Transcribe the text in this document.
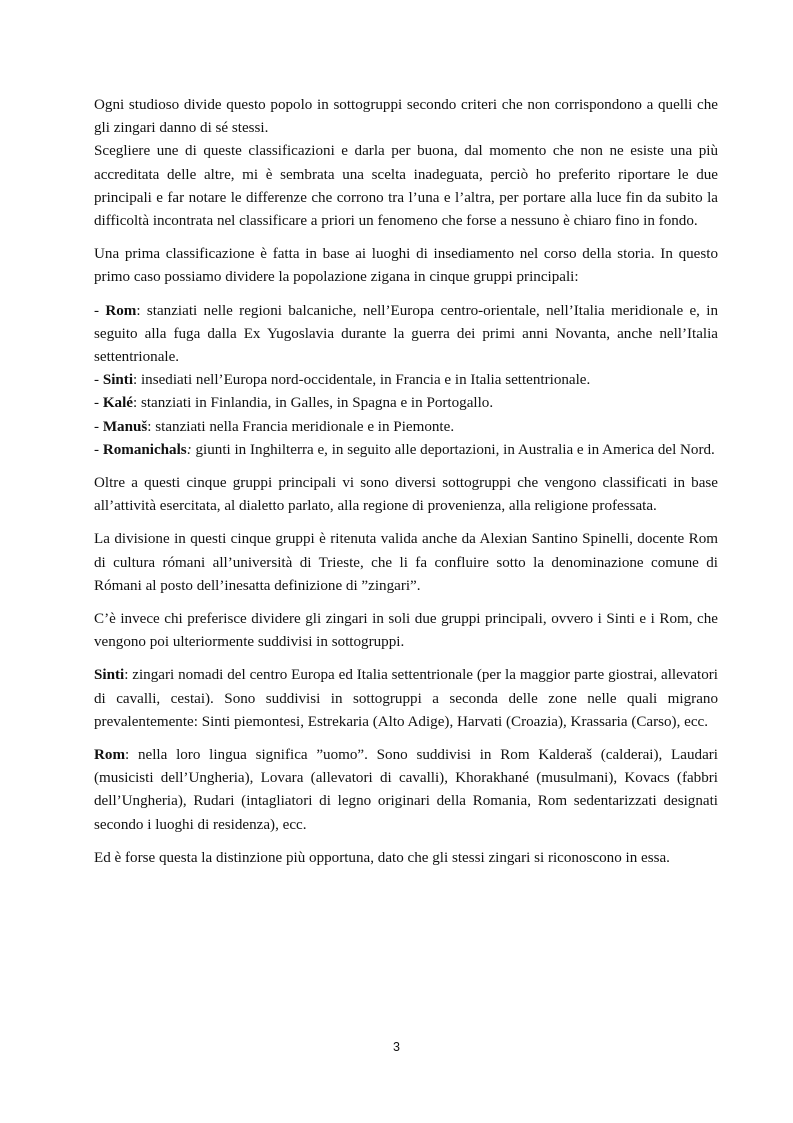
Ogni studioso divide questo popolo in sottogruppi secondo criteri che non corrispondono a quelli che gli zingari danno di sé stessi.

Scegliere une di queste classificazioni e darla per buona, dal momento che non ne esiste una più accreditata delle altre, mi è sembrata una scelta inadeguata, perciò ho preferito riportare le due principali e far notare le differenze che corrono tra l’una e l’altra, per portare alla luce fin da subito la difficoltà incontrata nel classificare a priori un fenomeno che forse a nessuno è chiaro fino in fondo.

Una prima classificazione è fatta in base ai luoghi di insediamento nel corso della storia. In questo primo caso possiamo dividere la popolazione zigana in cinque gruppi principali:

- Rom: stanziati nelle regioni balcaniche, nell’Europa centro-orientale, nell’Italia meridionale e, in seguito alla fuga dalla Ex Yugoslavia durante la guerra dei primi anni Novanta, anche nell’Italia settentrionale.
- Sinti: insediati nell’Europa nord-occidentale, in Francia e in Italia settentrionale.
- Kalé: stanziati in Finlandia, in Galles, in Spagna e in Portogallo.
- Manuš: stanziati nella Francia meridionale e in Piemonte.
- Romanichals: giunti in Inghilterra e, in seguito alle deportazioni, in Australia e in America del Nord.

Oltre a questi cinque gruppi principali vi sono diversi sottogruppi che vengono classificati in base all’attività esercitata, al dialetto parlato, alla regione di provenienza, alla religione professata.

La divisione in questi cinque gruppi è ritenuta valida anche da Alexian Santino Spinelli, docente Rom di cultura rómani all’università di Trieste, che li fa confluire sotto la denominazione comune di Rómani al posto dell’inesatta definizione di ”zingari”.

C’è invece chi preferisce dividere gli zingari in soli due gruppi principali, ovvero i Sinti e i Rom, che vengono poi ulteriormente suddivisi in sottogruppi.

Sinti: zingari nomadi del centro Europa ed Italia settentrionale (per la maggior parte giostrai, allevatori di cavalli, cestai). Sono suddivisi in sottogruppi a seconda delle zone nelle quali migrano prevalentemente: Sinti piemontesi, Estrekaria (Alto Adige), Harvati (Croazia), Krassaria (Carso), ecc.

Rom: nella loro lingua significa ”uomo”. Sono suddivisi in Rom Kalderaš (calderai), Laudari (musicisti dell’Ungheria), Lovara (allevatori di cavalli), Khorakhané (musulmani), Kovacs (fabbri dell’Ungheria), Rudari (intagliatori di legno originari della Romania, Rom sedentarizzati designati secondo i luoghi di residenza), ecc.

Ed è forse questa la distinzione più opportuna, dato che gli stessi zingari si riconoscono in essa.

3
